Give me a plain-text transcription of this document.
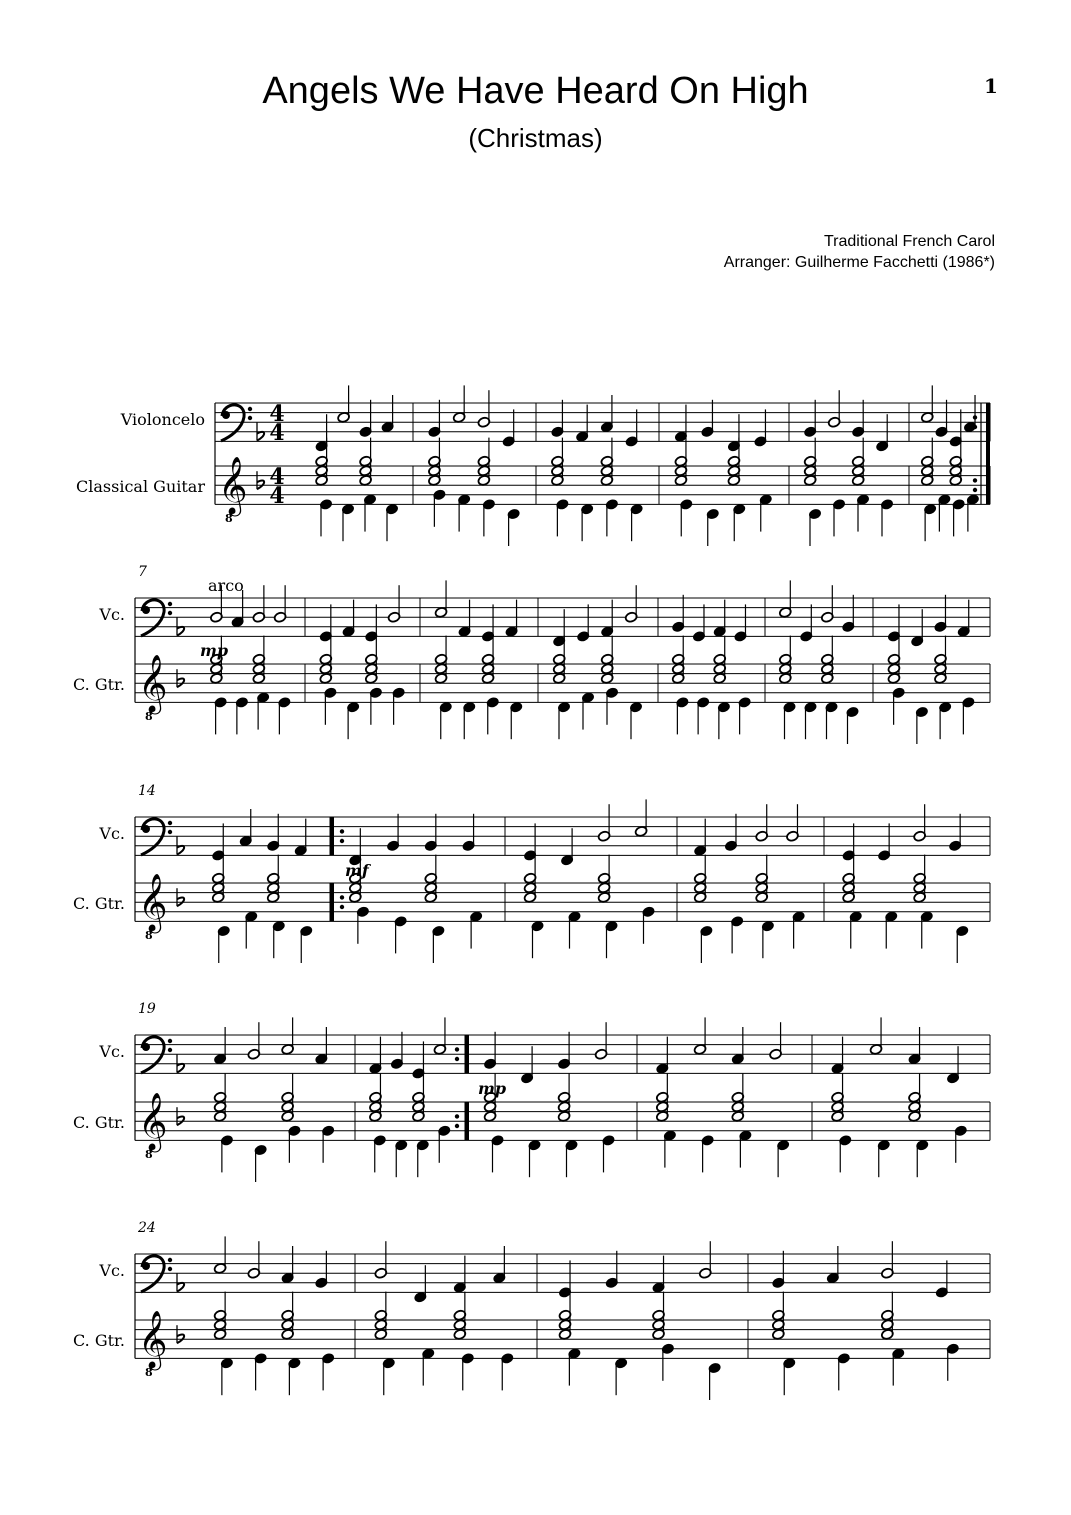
1
Angels We Have Heard On High
(Christmas)
Traditional French Carol
Arranger: Guilherme Facchetti (1986*)
𝄞
8
4
4
4
4
Violoncelo
Classical Guitar
𝄞
8
7
Vc.
C. Gtr.
𝄞
8
14
Vc.
C. Gtr.
𝄞
8
19
Vc.
C. Gtr.
𝄞
8
24
Vc.
C. Gtr.
arco
mp
mf
mp
